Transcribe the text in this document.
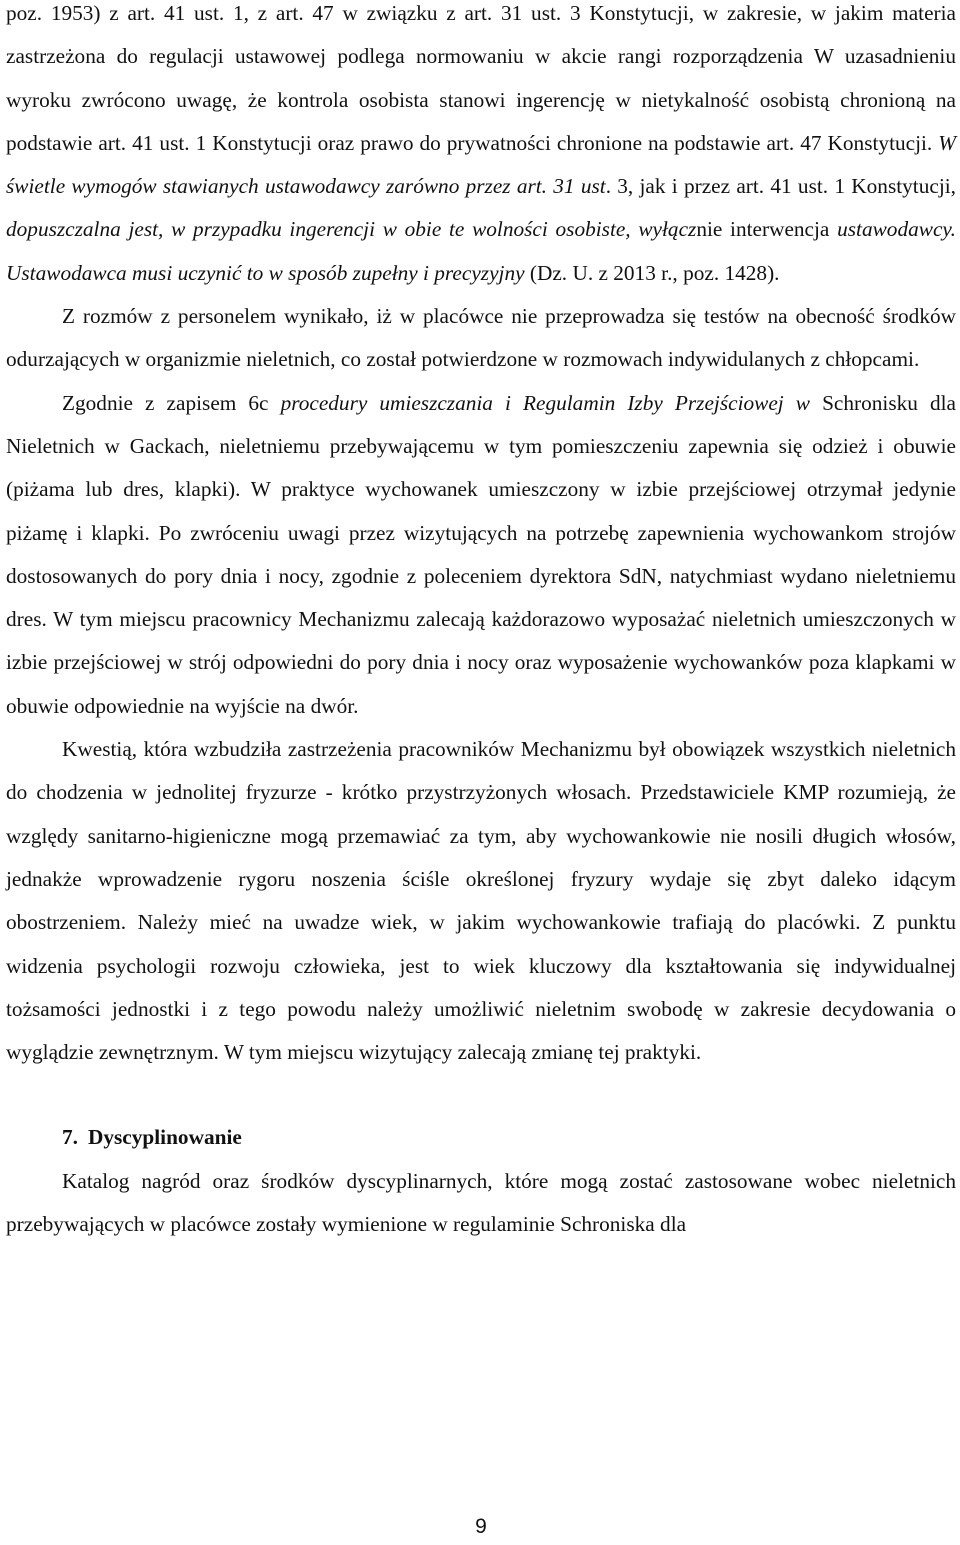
poz. 1953) z art. 41 ust. 1, z art. 47 w związku z art. 31 ust. 3 Konstytucji, w zakresie, w jakim materia zastrzeżona do regulacji ustawowej podlega normowaniu w akcie rangi rozporządzenia W uzasadnieniu wyroku zwrócono uwagę, że kontrola osobista stanowi ingerencję w nietykalność osobistą chronioną na podstawie art. 41 ust. 1 Konstytucji oraz prawo do prywatności chronione na podstawie art. 47 Konstytucji. W świetle wymogów stawianych ustawodawcy zarówno przez art. 31 ust. 3, jak i przez art. 41 ust. 1 Konstytucji, dopuszczalna jest, w przypadku ingerencji w obie te wolności osobiste, wyłącznie interwencja ustawodawcy. Ustawodawca musi uczynić to w sposób zupełny i precyzyjny (Dz. U. z 2013 r., poz. 1428).

Z rozmów z personelem wynikało, iż w placówce nie przeprowadza się testów na obecność środków odurzających w organizmie nieletnich, co został potwierdzone w rozmowach indywidulanych z chłopcami.

Zgodnie z zapisem 6c procedury umieszczania i Regulamin Izby Przejściowej w Schronisku dla Nieletnich w Gackach, nieletniemu przebywającemu w tym pomieszczeniu zapewnia się odzież i obuwie (piżama lub dres, klapki). W praktyce wychowanek umieszczony w izbie przejściowej otrzymał jedynie piżamę i klapki. Po zwróceniu uwagi przez wizytujących na potrzebę zapewnienia wychowankom strojów dostosowanych do pory dnia i nocy, zgodnie z poleceniem dyrektora SdN, natychmiast wydano nieletniemu dres. W tym miejscu pracownicy Mechanizmu zalecają każdorazowo wyposażać nieletnich umieszczonych w izbie przejściowej w strój odpowiedni do pory dnia i nocy oraz wyposażenie wychowanków poza klapkami w obuwie odpowiednie na wyjście na dwór.

Kwestią, która wzbudziła zastrzeżenia pracowników Mechanizmu był obowiązek wszystkich nieletnich do chodzenia w jednolitej fryzurze - krótko przystrzyżonych włosach. Przedstawiciele KMP rozumieją, że względy sanitarno-higieniczne mogą przemawiać za tym, aby wychowankowie nie nosili długich włosów, jednakże wprowadzenie rygoru noszenia ściśle określonej fryzury wydaje się zbyt daleko idącym obostrzeniem. Należy mieć na uwadze wiek, w jakim wychowankowie trafiają do placówki. Z punktu widzenia psychologii rozwoju człowieka, jest to wiek kluczowy dla kształtowania się indywidualnej tożsamości jednostki i z tego powodu należy umożliwić nieletnim swobodę w zakresie decydowania o wyglądzie zewnętrznym. W tym miejscu wizytujący zalecają zmianę tej praktyki.

7. Dyscyplinowanie

Katalog nagród oraz środków dyscyplinarnych, które mogą zostać zastosowane wobec nieletnich przebywających w placówce zostały wymienione w regulaminie Schroniska dla

9
